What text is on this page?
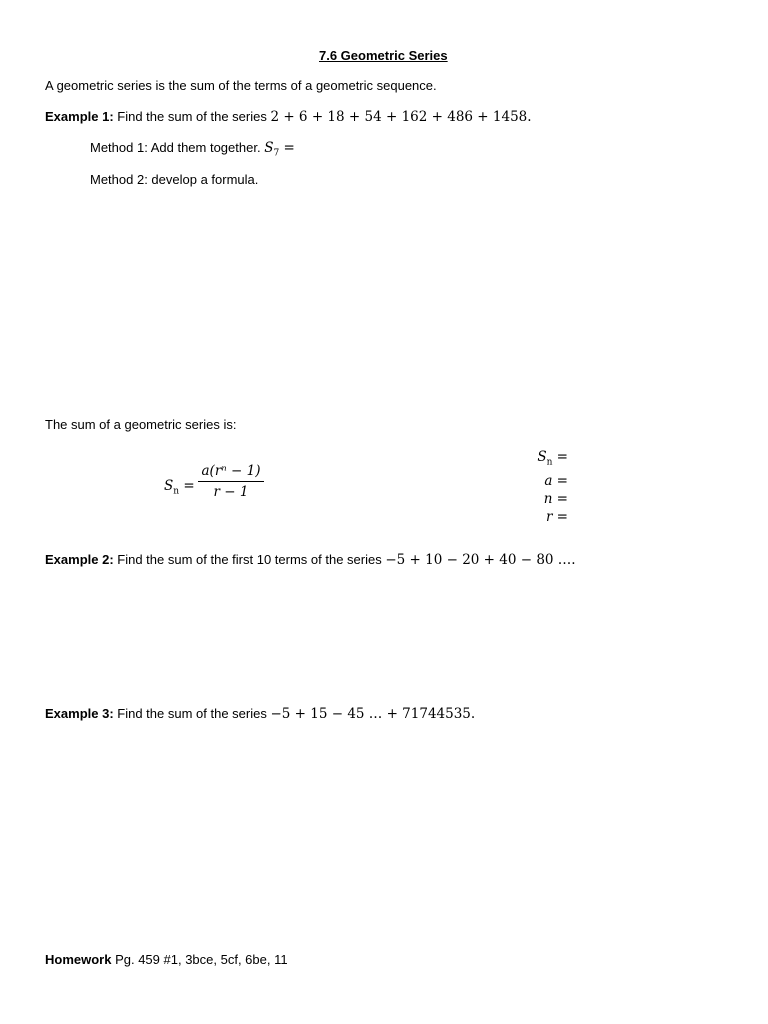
7.6 Geometric Series
A geometric series is the sum of the terms of a geometric sequence.
Example 1: Find the sum of the series 2 + 6 + 18 + 54 + 162 + 486 + 1458.
Method 1: Add them together. $S_7$ =
Method 2: develop a formula.
The sum of a geometric series is:
$S_n$ =
a(rⁿ − 1)
r − 1
$S_n$ =
a =
n =
r =
Example 2: Find the sum of the first 10 terms of the series −5 + 10 − 20 + 40 − 80 ….
Example 3: Find the sum of the series −5 + 15 − 45 … + 71744535.
Homework Pg. 459 #1, 3bce, 5cf, 6be, 11
